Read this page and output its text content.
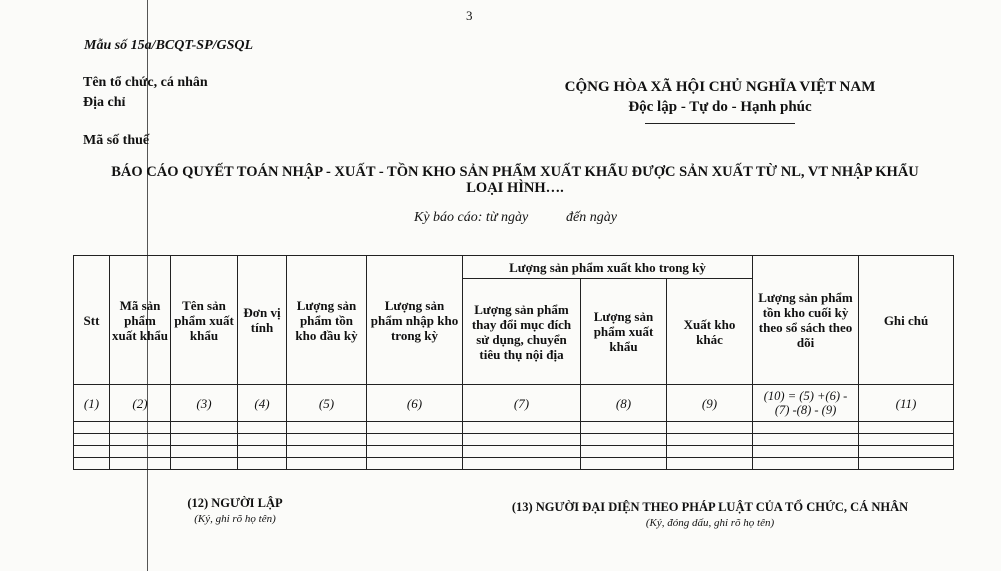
3
Mẫu số 15a/BCQT-SP/GSQL
Tên tổ chức, cá nhân
Địa chỉ
Mã số thuế
CỘNG HÒA XÃ HỘI CHỦ NGHĨA VIỆT NAM
Độc lập - Tự do - Hạnh phúc
BÁO CÁO QUYẾT TOÁN NHẬP - XUẤT - TỒN KHO SẢN PHẨM XUẤT KHẨU ĐƯỢC SẢN XUẤT TỪ NL, VT NHẬP KHẨU
LOẠI HÌNH….
Kỳ báo cáo: từ ngày	đến ngày
Stt	Mã sản phẩm xuất khẩu	Tên sản phẩm xuất khẩu	Đơn vị tính	Lượng sản phẩm tồn kho đầu kỳ	Lượng sản phẩm nhập kho trong kỳ	Lượng sản phẩm xuất kho trong kỳ			Lượng sản phẩm tồn kho cuối kỳ theo sổ sách theo dõi	Ghi chú
						Lượng sản phẩm thay đổi mục đích sử dụng, chuyển tiêu thụ nội địa	Lượng sản phẩm xuất khẩu	Xuất kho khác		
(1)	(2)	(3)	(4)	(5)	(6)	(7)	(8)	(9)	(10) = (5) +(6) - (7) -(8) - (9)	(11)

(12) NGƯỜI LẬP
(Ký, ghi rõ họ tên)
(13) NGƯỜI ĐẠI DIỆN THEO PHÁP LUẬT CỦA TỔ CHỨC, CÁ NHÂN
(Ký, đóng dấu, ghi rõ họ tên)
